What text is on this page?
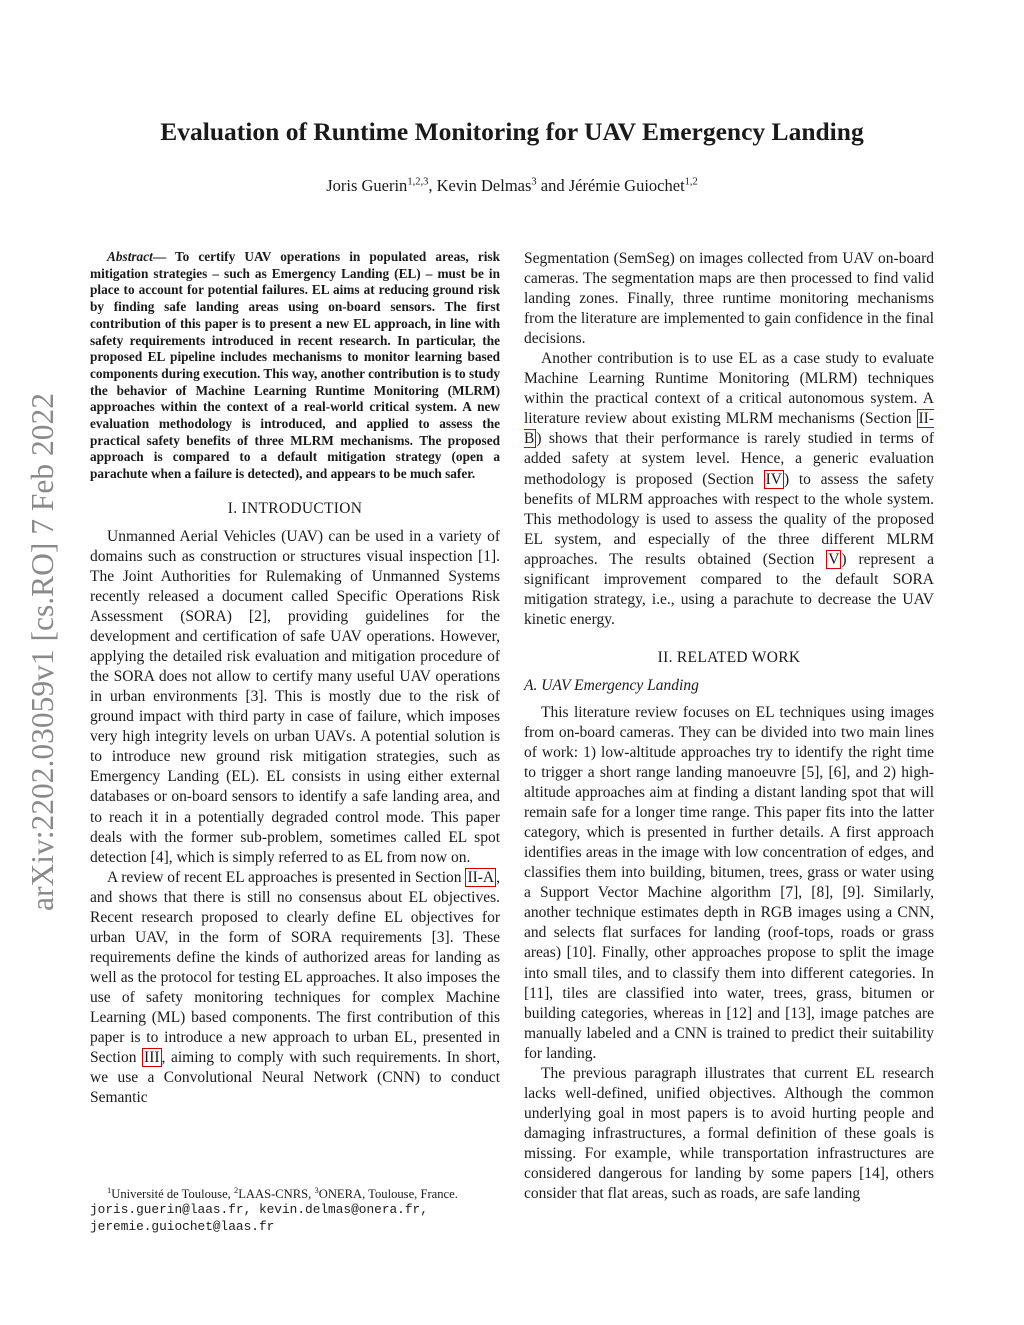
arXiv:2202.03059v1 [cs.RO] 7 Feb 2022
Evaluation of Runtime Monitoring for UAV Emergency Landing
Joris Guerin$^{1,2,3}$, Kevin Delmas$^3$ and Jérémie Guiochet$^{1,2}$

Abstract— To certify UAV operations in populated areas, risk mitigation strategies – such as Emergency Landing (EL) – must be in place to account for potential failures. EL aims at reducing ground risk by finding safe landing areas using on-board sensors. The first contribution of this paper is to present a new EL approach, in line with safety requirements introduced in recent research. In particular, the proposed EL pipeline includes mechanisms to monitor learning based components during execution. This way, another contribution is to study the behavior of Machine Learning Runtime Monitoring (MLRM) approaches within the context of a real-world critical system. A new evaluation methodology is introduced, and applied to assess the practical safety benefits of three MLRM mechanisms. The proposed approach is compared to a default mitigation strategy (open a parachute when a failure is detected), and appears to be much safer.

I. INTRODUCTION

Unmanned Aerial Vehicles (UAV) can be used in a variety of domains such as construction or structures visual inspection [1]. The Joint Authorities for Rulemaking of Unmanned Systems recently released a document called Specific Operations Risk Assessment (SORA) [2], providing guidelines for the development and certification of safe UAV operations. However, applying the detailed risk evaluation and mitigation procedure of the SORA does not allow to certify many useful UAV operations in urban environments [3]. This is mostly due to the risk of ground impact with third party in case of failure, which imposes very high integrity levels on urban UAVs. A potential solution is to introduce new ground risk mitigation strategies, such as Emergency Landing (EL). EL consists in using either external databases or on-board sensors to identify a safe landing area, and to reach it in a potentially degraded control mode. This paper deals with the former sub-problem, sometimes called EL spot detection [4], which is simply referred to as EL from now on.

A review of recent EL approaches is presented in Section II-A , and shows that there is still no consensus about EL objectives. Recent research proposed to clearly define EL objectives for urban UAV, in the form of SORA requirements [3]. These requirements define the kinds of authorized areas for landing as well as the protocol for testing EL approaches. It also imposes the use of safety monitoring techniques for complex Machine Learning (ML) based components. The first contribution of this paper is to introduce a new approach to urban EL, presented in Section III , aiming to comply with such requirements. In short, we use a Convolutional Neural Network (CNN) to conduct Semantic

Segmentation (SemSeg) on images collected from UAV on-board cameras. The segmentation maps are then processed to find valid landing zones. Finally, three runtime monitoring mechanisms from the literature are implemented to gain confidence in the final decisions.

Another contribution is to use EL as a case study to evaluate Machine Learning Runtime Monitoring (MLRM) techniques within the practical context of a critical autonomous system. A literature review about existing MLRM mechanisms (Section II-B ) shows that their performance is rarely studied in terms of added safety at system level. Hence, a generic evaluation methodology is proposed (Section IV ) to assess the safety benefits of MLRM approaches with respect to the whole system. This methodology is used to assess the quality of the proposed EL system, and especially of the three different MLRM approaches. The results obtained (Section V ) represent a significant improvement compared to the default SORA mitigation strategy, i.e., using a parachute to decrease the UAV kinetic energy.

II. RELATED WORK
A. UAV Emergency Landing

This literature review focuses on EL techniques using images from on-board cameras. They can be divided into two main lines of work: 1) low-altitude approaches try to identify the right time to trigger a short range landing manoeuvre [5], [6], and 2) high-altitude approaches aim at finding a distant landing spot that will remain safe for a longer time range. This paper fits into the latter category, which is presented in further details. A first approach identifies areas in the image with low concentration of edges, and classifies them into building, bitumen, trees, grass or water using a Support Vector Machine algorithm [7], [8], [9]. Similarly, another technique estimates depth in RGB images using a CNN, and selects flat surfaces for landing (roof-tops, roads or grass areas) [10]. Finally, other approaches propose to split the image into small tiles, and to classify them into different categories. In [11], tiles are classified into water, trees, grass, bitumen or building categories, whereas in [12] and [13], image patches are manually labeled and a CNN is trained to predict their suitability for landing.

The previous paragraph illustrates that current EL research lacks well-defined, unified objectives. Although the common underlying goal in most papers is to avoid hurting people and damaging infrastructures, a formal definition of these goals is missing. For example, while transportation infrastructures are considered dangerous for landing by some papers [14], others consider that flat areas, such as roads, are safe landing

$^1$Université de Toulouse, $^2$LAAS-CNRS, $^3$ONERA, Toulouse, France.
joris.guerin@laas.fr, kevin.delmas@onera.fr,
jeremie.guiochet@laas.fr
